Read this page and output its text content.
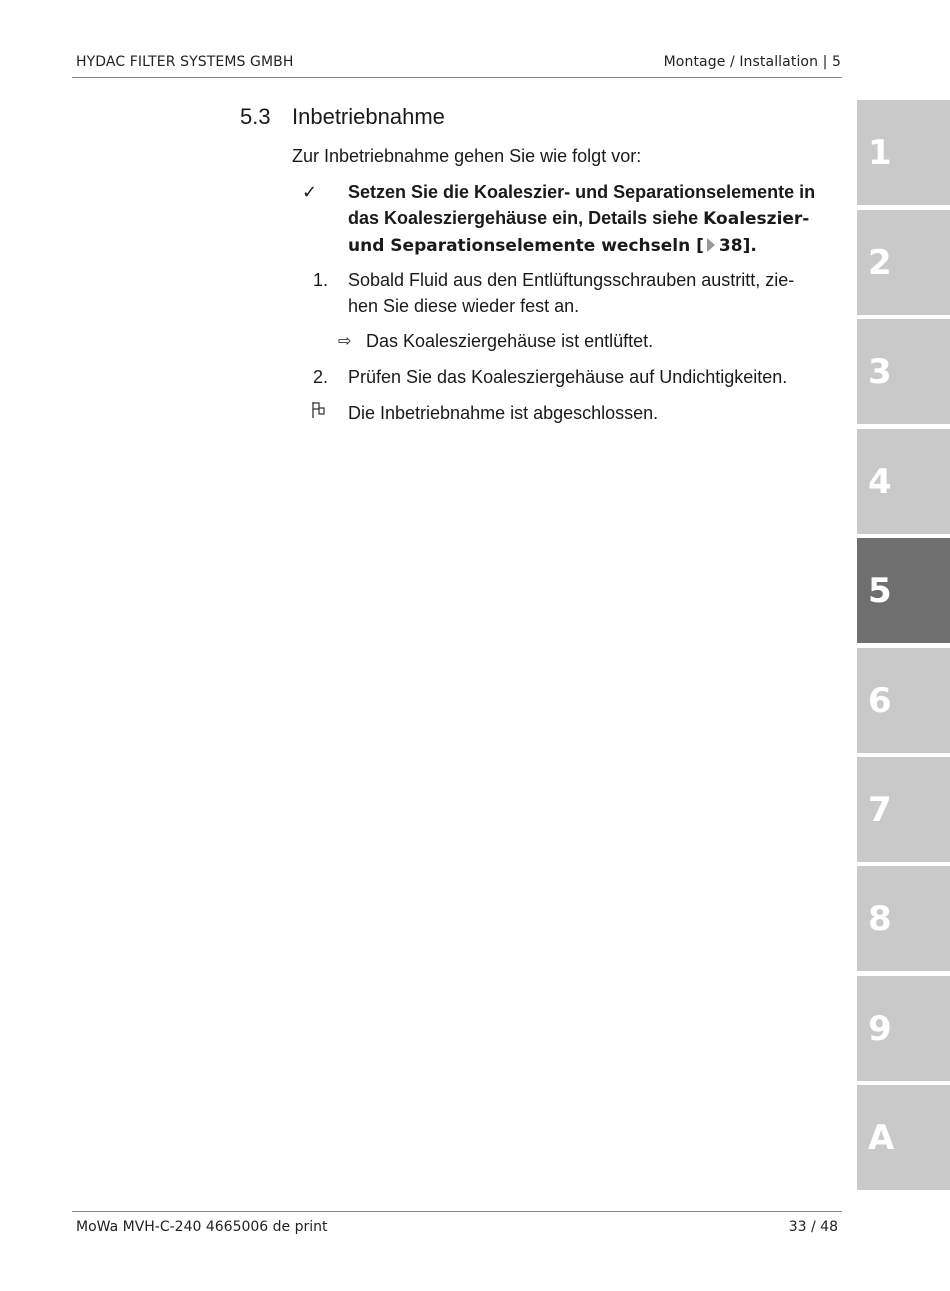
HYDAC FILTER SYSTEMS GMBH	Montage / Installation | 5
5.3 Inbetriebnahme
Zur Inbetriebnahme gehen Sie wie folgt vor:
✓ Setzen Sie die Koaleszier- und Separationselemente in das Koalesziergehäuse ein, Details siehe Koaleszier- und Separationselemente wechseln [ 38].
1. Sobald Fluid aus den Entlüftungsschrauben austritt, zie-
hen Sie diese wieder fest an.
⇨ Das Koalesziergehäuse ist entlüftet.
2. Prüfen Sie das Koalesziergehäuse auf Undichtigkeiten.
Die Inbetriebnahme ist abgeschlossen.
1
2
3
4
5
6
7
8
9
A
MoWa MVH-C-240 4665006 de print	33 / 48
